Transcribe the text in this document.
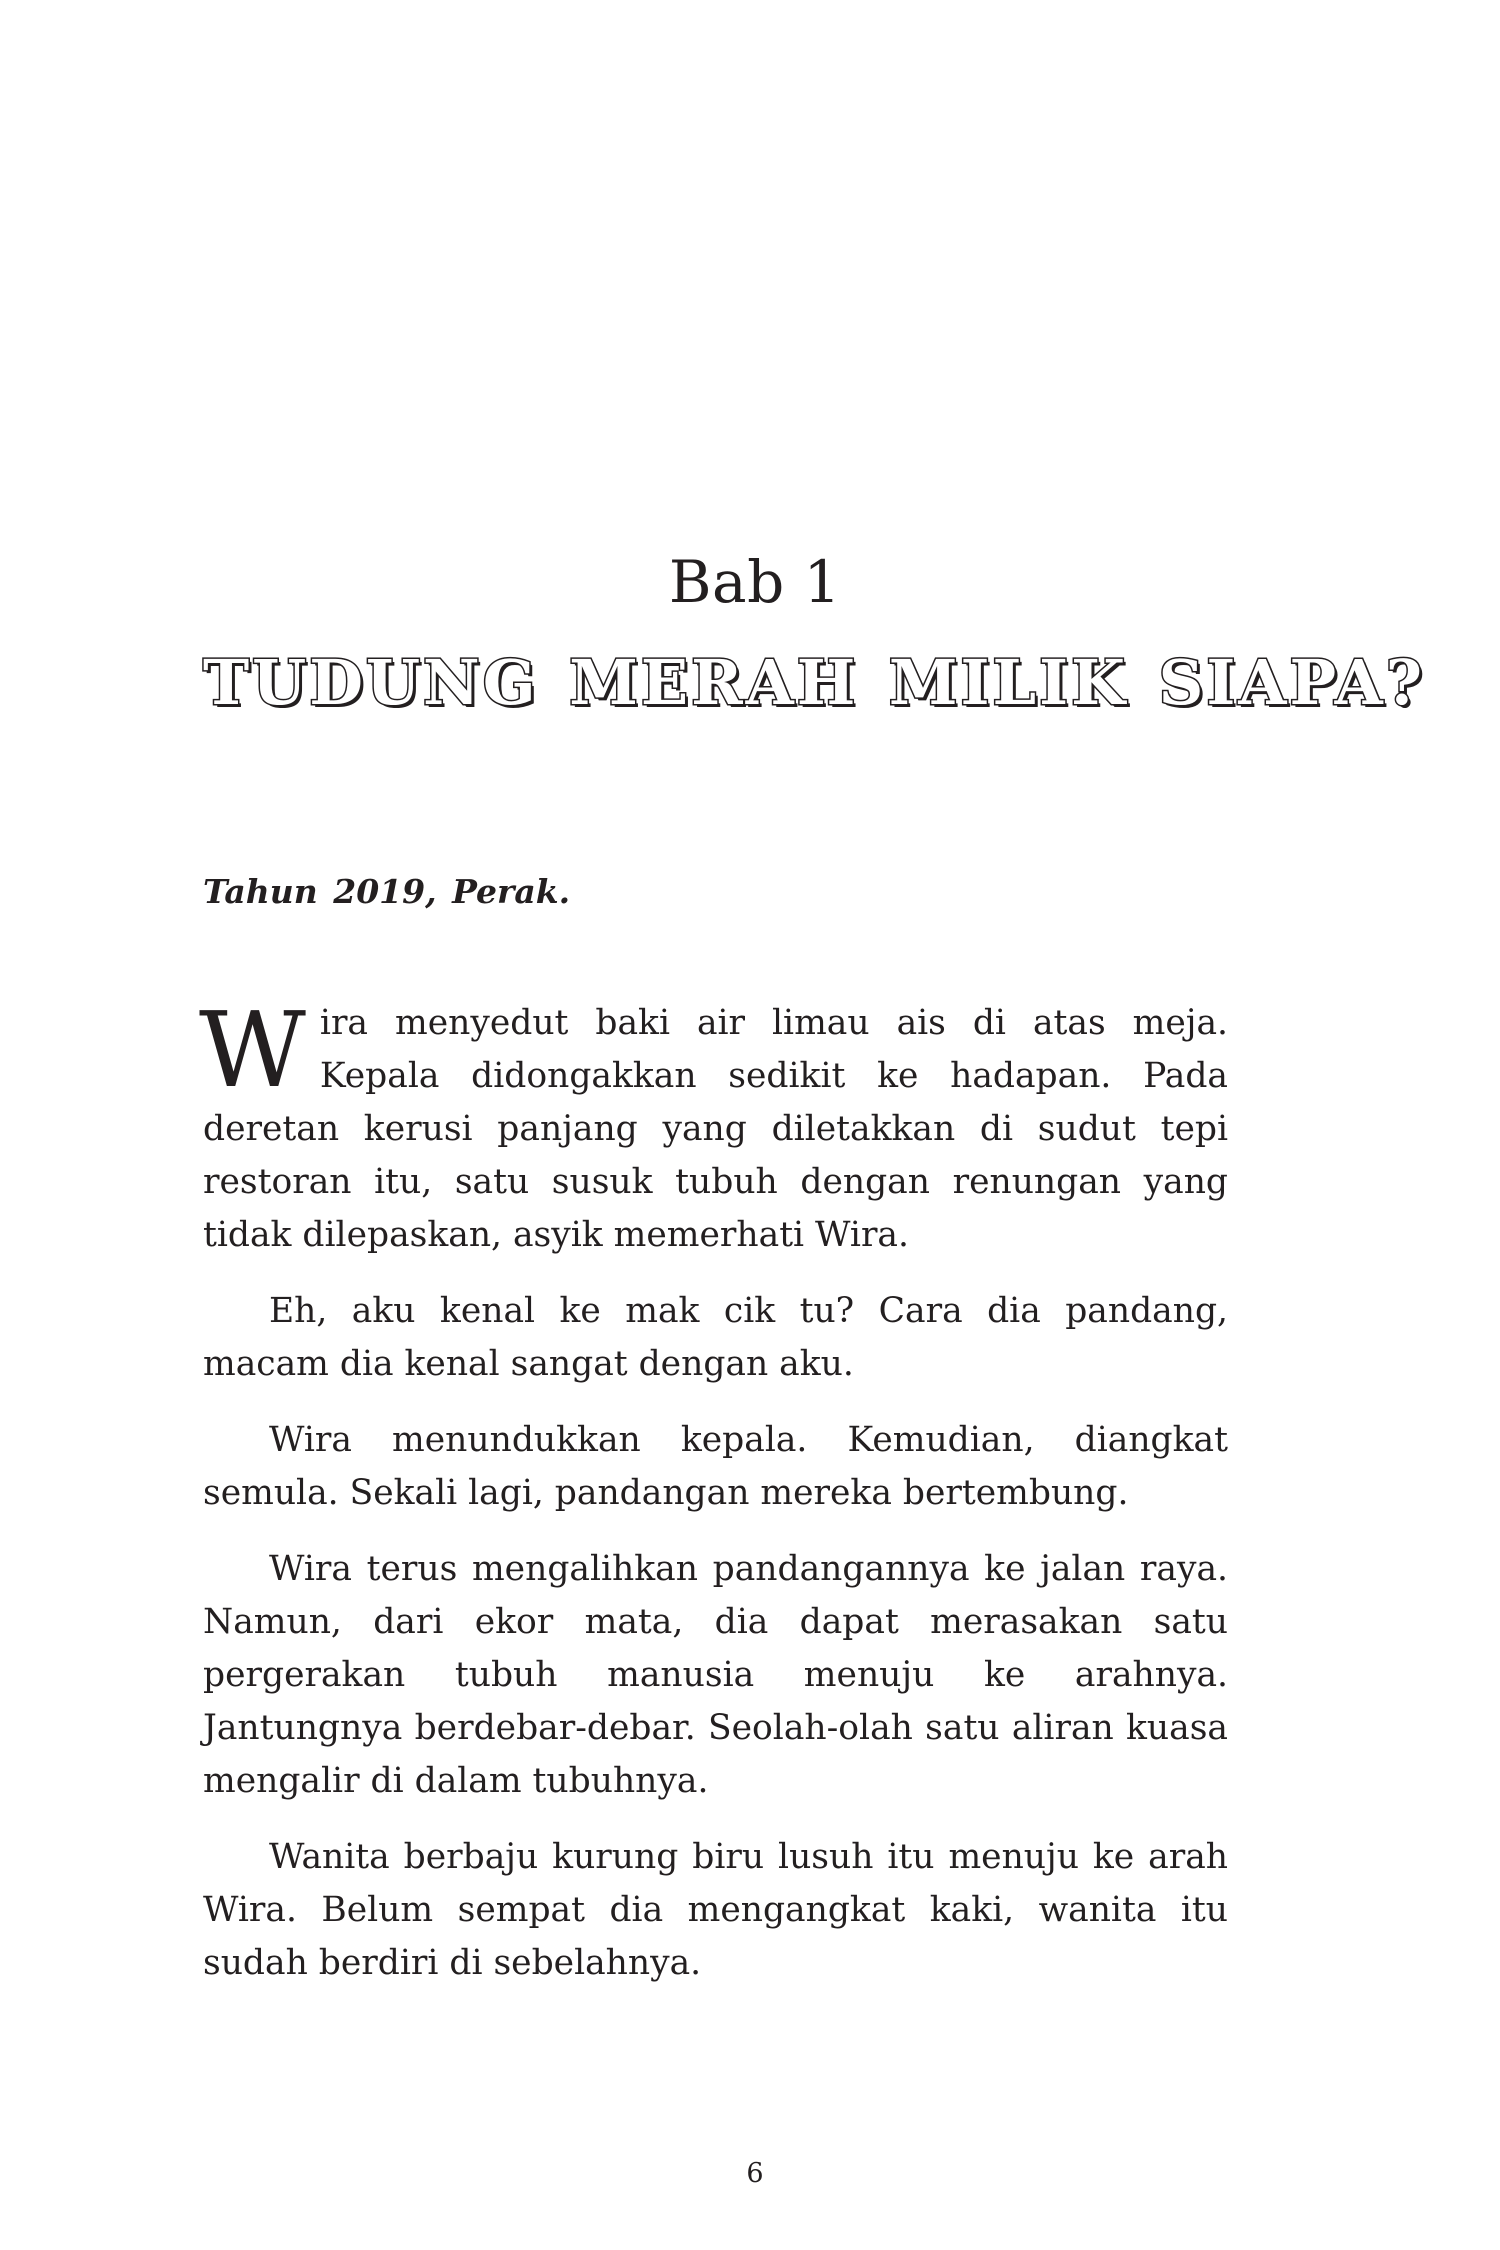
Bab 1
TUDUNG MERAH MILIK SIAPA?
Tahun 2019, Perak.

Wira menyedut baki air limau ais di atas meja. Kepala didongakkan sedikit ke hadapan. Pada deretan kerusi panjang yang diletakkan di sudut tepi restoran itu, satu susuk tubuh dengan renungan yang tidak dilepaskan, asyik memerhati Wira.

Eh, aku kenal ke mak cik tu? Cara dia pandang, macam dia kenal sangat dengan aku.

Wira menundukkan kepala. Kemudian, diangkat semula. Sekali lagi, pandangan mereka bertembung.

Wira terus mengalihkan pandangannya ke jalan raya. Namun, dari ekor mata, dia dapat merasakan satu pergerakan tubuh manusia menuju ke arahnya. Jantungnya berdebar-debar. Seolah-olah satu aliran kuasa mengalir di dalam tubuhnya.

Wanita berbaju kurung biru lusuh itu menuju ke arah Wira. Belum sempat dia mengangkat kaki, wanita itu sudah berdiri di sebelahnya.

6
